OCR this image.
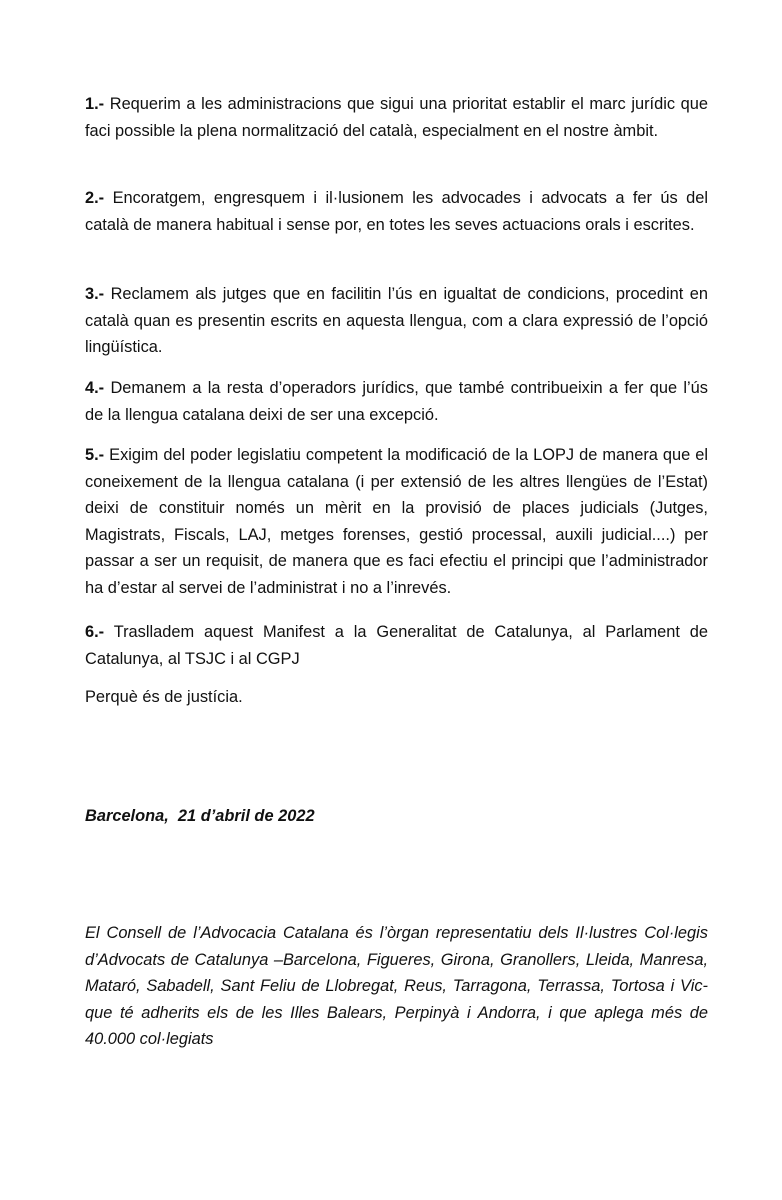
1.- Requerim a les administracions que sigui una prioritat establir el marc jurídic que faci possible la plena normalització del català, especialment en el nostre àmbit.

2.- Encoratgem, engresquem i il·lusionem les advocades i advocats a fer ús del català de manera habitual i sense por, en totes les seves actuacions orals i escrites.

3.- Reclamem als jutges que en facilitin l’ús en igualtat de condicions, procedint en català quan es presentin escrits en aquesta llengua, com a clara expressió de l’opció lingüística.

4.- Demanem a la resta d’operadors jurídics, que també contribueixin a fer que l’ús de la llengua catalana deixi de ser una excepció.

5.- Exigim del poder legislatiu competent la modificació de la LOPJ de manera que el coneixement de la llengua catalana (i per extensió de les altres llengües de l’Estat) deixi de constituir només un mèrit en la provisió de places judicials (Jutges, Magistrats, Fiscals, LAJ, metges forenses, gestió processal, auxili judicial....) per passar a ser un requisit, de manera que es faci efectiu el principi que l’administrador ha d’estar al servei de l’administrat i no a l’inrevés.

6.- Traslladem aquest Manifest a la Generalitat de Catalunya, al Parlament de Catalunya, al TSJC i al CGPJ

Perquè és de justícia.

Barcelona,  21 d’abril de 2022

El Consell de l’Advocacia Catalana és l’òrgan representatiu dels Il·lustres Col·legis d’Advocats de Catalunya –Barcelona, Figueres, Girona, Granollers, Lleida, Manresa, Mataró, Sabadell, Sant Feliu de Llobregat, Reus, Tarragona, Terrassa, Tortosa i Vic- que té adherits els de les Illes Balears, Perpinyà i Andorra, i que aplega més de 40.000 col·legiats
